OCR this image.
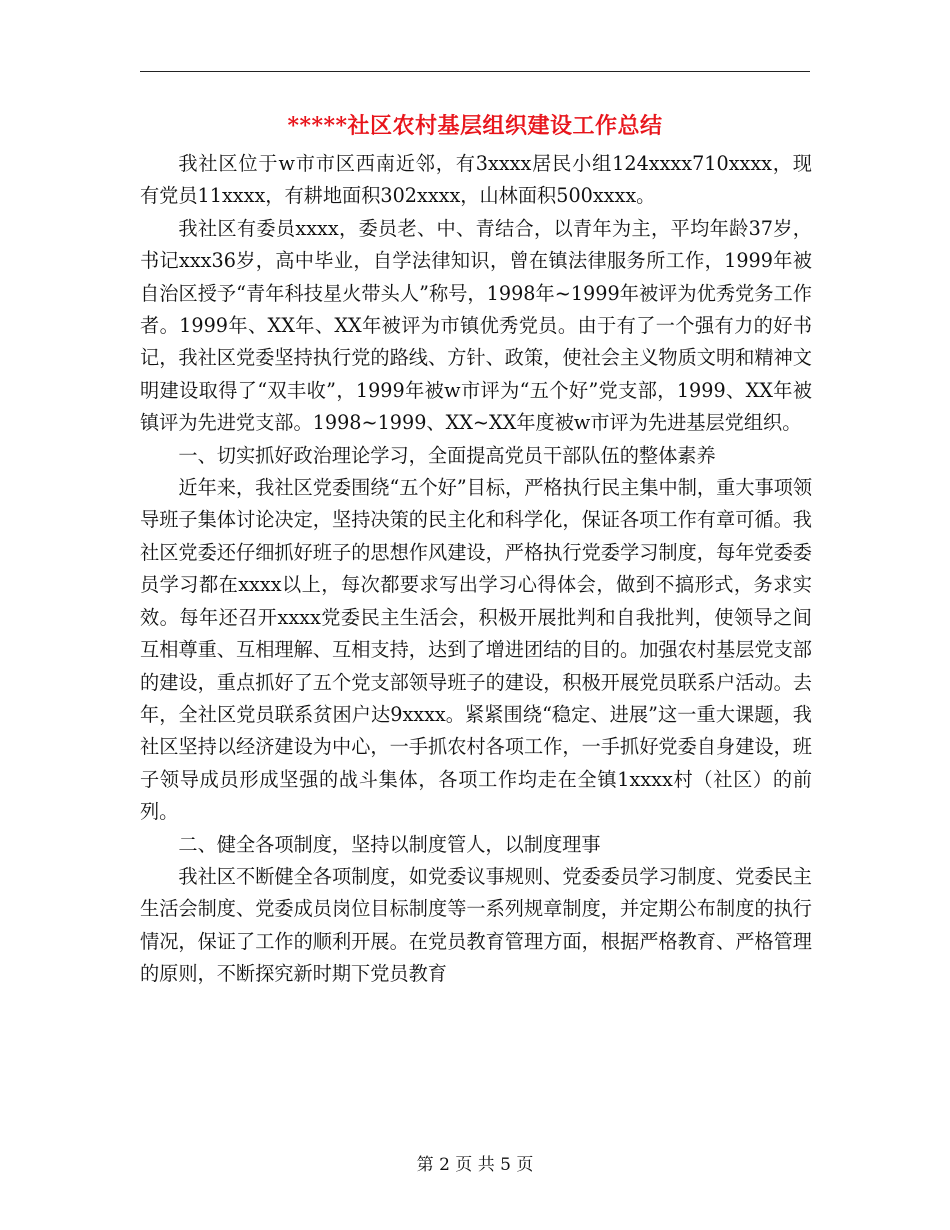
*****社区农村基层组织建设工作总结

我社区位于w市市区西南近邻，有3xxxx居民小组124xxxx710xxxx，现有党员11xxxx，有耕地面积302xxxx，山林面积500xxxx。

我社区有委员xxxx，委员老、中、青结合，以青年为主，平均年龄37岁，书记xxx36岁，高中毕业，自学法律知识，曾在镇法律服务所工作，1999年被自治区授予“青年科技星火带头人”称号，1998年~1999年被评为优秀党务工作者。1999年、XX年、XX年被评为市镇优秀党员。由于有了一个强有力的好书记，我社区党委坚持执行党的路线、方针、政策，使社会主义物质文明和精神文明建设取得了“双丰收”，1999年被w市评为“五个好”党支部，1999、XX年被镇评为先进党支部。1998~1999、XX~XX年度被w市评为先进基层党组织。

一、切实抓好政治理论学习，全面提高党员干部队伍的整体素养

近年来，我社区党委围绕“五个好”目标，严格执行民主集中制，重大事项领导班子集体讨论决定，坚持决策的民主化和科学化，保证各项工作有章可循。我社区党委还仔细抓好班子的思想作风建设，严格执行党委学习制度，每年党委委员学习都在xxxx以上，每次都要求写出学习心得体会，做到不搞形式，务求实效。每年还召开xxxx党委民主生活会，积极开展批判和自我批判，使领导之间互相尊重、互相理解、互相支持，达到了增进团结的目的。加强农村基层党支部的建设，重点抓好了五个党支部领导班子的建设，积极开展党员联系户活动。去年，全社区党员联系贫困户达9xxxx。紧紧围绕“稳定、进展”这一重大课题，我社区坚持以经济建设为中心，一手抓农村各项工作，一手抓好党委自身建设，班子领导成员形成坚强的战斗集体，各项工作均走在全镇1xxxx村（社区）的前列。

二、健全各项制度，坚持以制度管人，以制度理事

我社区不断健全各项制度，如党委议事规则、党委委员学习制度、党委民主生活会制度、党委成员岗位目标制度等一系列规章制度，并定期公布制度的执行情况，保证了工作的顺利开展。在党员教育管理方面，根据严格教育、严格管理的原则，不断探究新时期下党员教育

第 2 页 共 5 页
